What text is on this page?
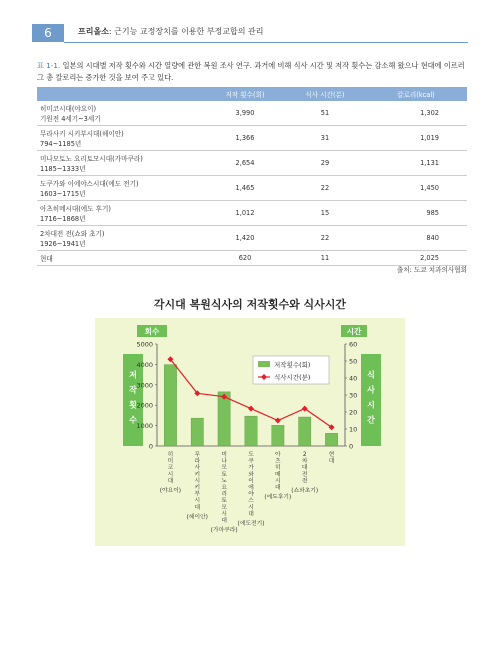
6	프리올소: 근기능 교정장치를 이용한 부정교합의 관리
표 1-1. 일본의 시대별 저작 횟수와 시간 열량에 관한 복원 조사 연구. 과거에 비해 식사 시간 및 저작 횟수는 감소해 왔으나 현대에 이르러 그 총 칼로리는 증가한 것을 보여 주고 있다.
	저작 횟수(회)	식사 시간(분)	칼로리(kcal)

히미코시대(야요이)
기원전 4세기~3세기	3,990	51	1,302

무라사키 시키부시대(헤이안)
794~1185년	1,366	31	1,019

미나모토노 요리토모시대(가마쿠라)
1185~1333년	2,654	29	1,131

도쿠가와 이에야스시대(에도 전기)
1603~1715년	1,465	22	1,450

아츠히메시대(에도 후기)
1716~1868년	1,012	15	985

2차대전 전(쇼와 초기)
1926~1941년	1,420	22	840

현대	620	11	2,025
출처: 도쿄 치과의사협회
각시대 복원식사의 저작횟수와 식사시간
회수	시간
저 작 횟 수
식 사 시 간
0
1000
2000
3000
4000
5000
0
10
20
30
40
50
60
저작횟수(회)
식사시간(분)
히 미 코 시 대
(야요이)
무 라 사 키 시 키 부 시 대
(헤이안)
미 나 모 토 노 요 리 토 모 시 대
(가마쿠라)
도 쿠 가 와 이 에 야 스 시 대
(에도전기)
아 츠 히 메 시 대
(에도후기)
2 차 대 전 전
(쇼와초기)
현 대
